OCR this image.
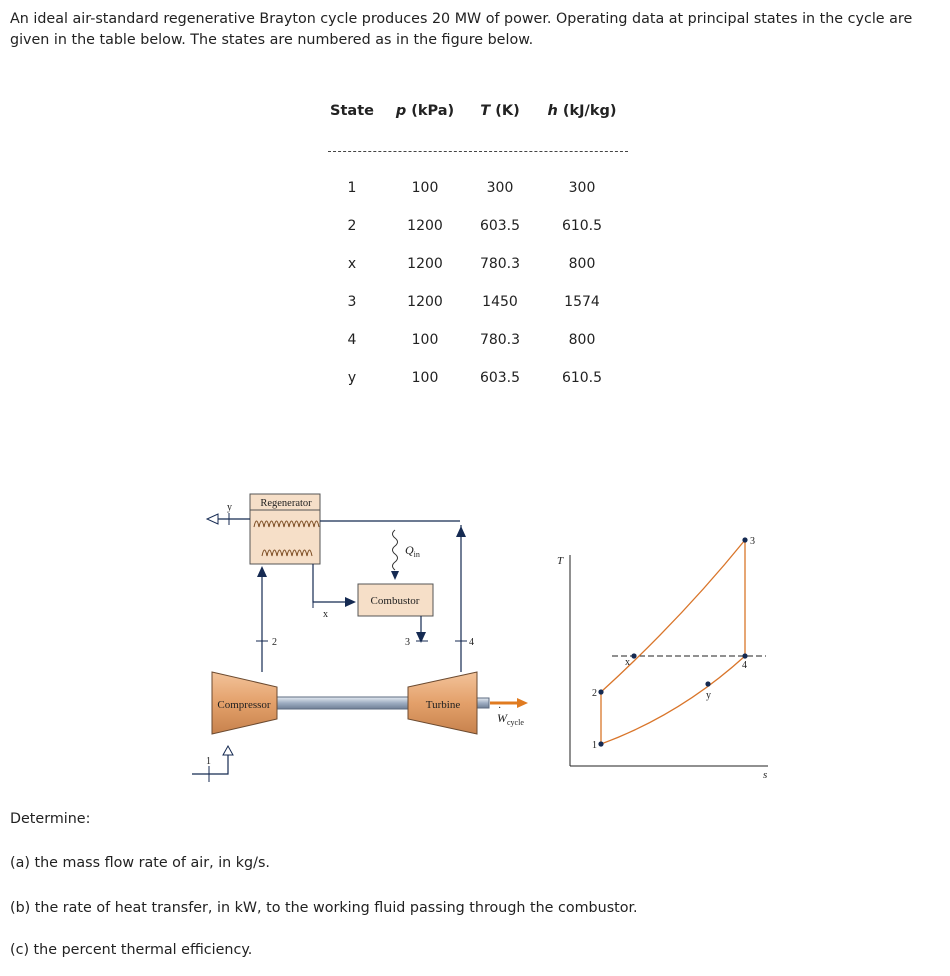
An ideal air-standard regenerative Brayton cycle produces 20 MW of power. Operating data at principal states in the cycle are given in the table below. The states are numbered as in the figure below.
State p (kPa) T (K) h (kJ/kg)
1	100	300	300
2	1200	603.5	610.5
x	1200	780.3	800
3	1200	1450	1574
4	100	780.3	800
y	100	603.5	610.5
Compressor	Turbine
$W_{cycle}$
·
Regenerator
Combustor
$Q_{in}$
1
2
x
3	4
y
T
s
1
2
x
3
4
y
Determine:
(a) the mass flow rate of air, in kg/s.
(b) the rate of heat transfer, in kW, to the working fluid passing through the combustor.
(c) the percent thermal efficiency.
